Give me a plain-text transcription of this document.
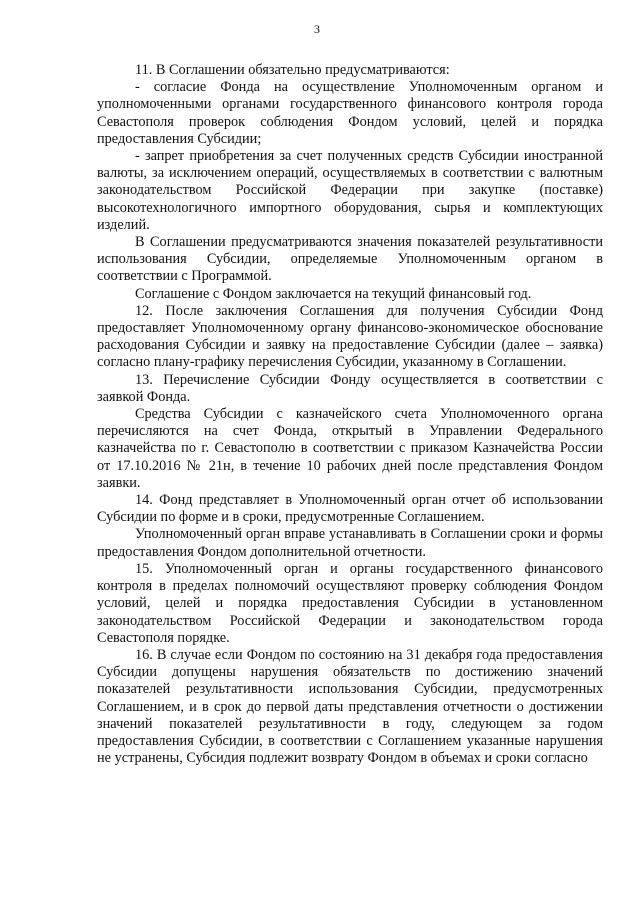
3

11. В Соглашении обязательно предусматриваются:

- согласие Фонда на осуществление Уполномоченным органом и уполномоченными органами государственного финансового контроля города Севастополя проверок соблюдения Фондом условий, целей и порядка предоставления Субсидии;

- запрет приобретения за счет полученных средств Субсидии иностранной валюты, за исключением операций, осуществляемых в соответствии с валютным законодательством Российской Федерации при закупке (поставке) высокотехнологичного импортного оборудования, сырья и комплектующих изделий.

В Соглашении предусматриваются значения показателей результативности использования Субсидии, определяемые Уполномоченным органом в соответствии с Программой.

Соглашение с Фондом заключается на текущий финансовый год.

12. После заключения Соглашения для получения Субсидии Фонд предоставляет Уполномоченному органу финансово-экономическое обоснование расходования Субсидии и заявку на предоставление Субсидии (далее – заявка) согласно плану-графику перечисления Субсидии, указанному в Соглашении.

13. Перечисление Субсидии Фонду осуществляется в соответствии с заявкой Фонда.

Средства Субсидии с казначейского счета Уполномоченного органа перечисляются на счет Фонда, открытый в Управлении Федерального казначейства по г. Севастополю в соответствии с приказом Казначейства России от 17.10.2016 № 21н, в течение 10 рабочих дней после представления Фондом заявки.

14. Фонд представляет в Уполномоченный орган отчет об использовании Субсидии по форме и в сроки, предусмотренные Соглашением.

Уполномоченный орган вправе устанавливать в Соглашении сроки и формы предоставления Фондом дополнительной отчетности.

15. Уполномоченный орган и органы государственного финансового контроля в пределах полномочий осуществляют проверку соблюдения Фондом условий, целей и порядка предоставления Субсидии в установленном законодательством Российской Федерации и законодательством города Севастополя порядке.

16. В случае если Фондом по состоянию на 31 декабря года предоставления Субсидии допущены нарушения обязательств по достижению значений показателей результативности использования Субсидии, предусмотренных Соглашением, и в срок до первой даты представления отчетности о достижении значений показателей результативности в году, следующем за годом предоставления Субсидии, в соответствии с Соглашением указанные нарушения не устранены, Субсидия подлежит возврату Фондом в объемах и сроки согласно
